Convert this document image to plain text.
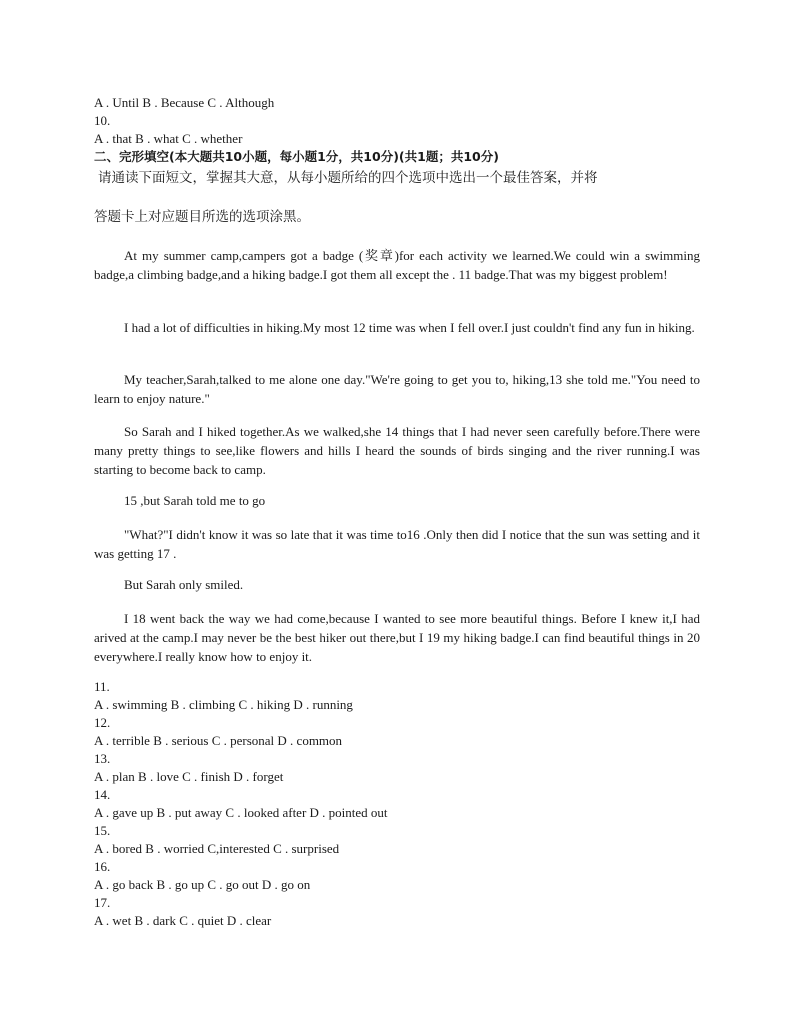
A . Until B . Because C . Although
10.
A . that B . what C . whether
二、完形填空(本大题共10小题，每小题1分，共10分)(共1题；共10分)
请通读下面短文，掌握其大意，从每小题所给的四个选项中选出一个最佳答案，并将
答题卡上对应题目所选的选项涂黑。
At my summer camp,campers got a badge (奖章)for each activity we learned.We could win a swimming badge,a climbing badge,and a hiking badge.I got them all except the . 11 badge.That was my biggest problem!
I had a lot of difficulties in hiking.My most 12 time was when I fell over.I just couldn't find any fun in hiking.
My teacher,Sarah,talked to me alone one day."We're going to get you to, hiking,13 she told me."You need to learn to enjoy nature."
So Sarah and I hiked together.As we walked,she 14 things that I had never seen carefully before.There were many pretty things to see,like flowers and hills I heard the sounds of birds singing and the river running.I was starting to become back to camp.
15 ,but Sarah told me to go
"What?"I didn't know it was so late that it was time to16 .Only then did I notice that the sun was setting and it was getting 17 .
But Sarah only smiled.
I 18 went back the way we had come,because I wanted to see more beautiful things. Before I knew it,I had arived at the camp.I may never be the best hiker out there,but I 19 my hiking badge.I can find beautiful things in 20 everywhere.I really know how to enjoy it.
11.
A . swimming B . climbing C . hiking D . running
12.
A . terrible B . serious C . personal D . common
13.
A . plan B . love C . finish D . forget
14.
A . gave up B . put away C . looked after D . pointed out
15.
A . bored B . worried C,interested C . surprised
16.
A . go back B . go up C . go out D . go on
17.
A . wet B . dark C . quiet D . clear
